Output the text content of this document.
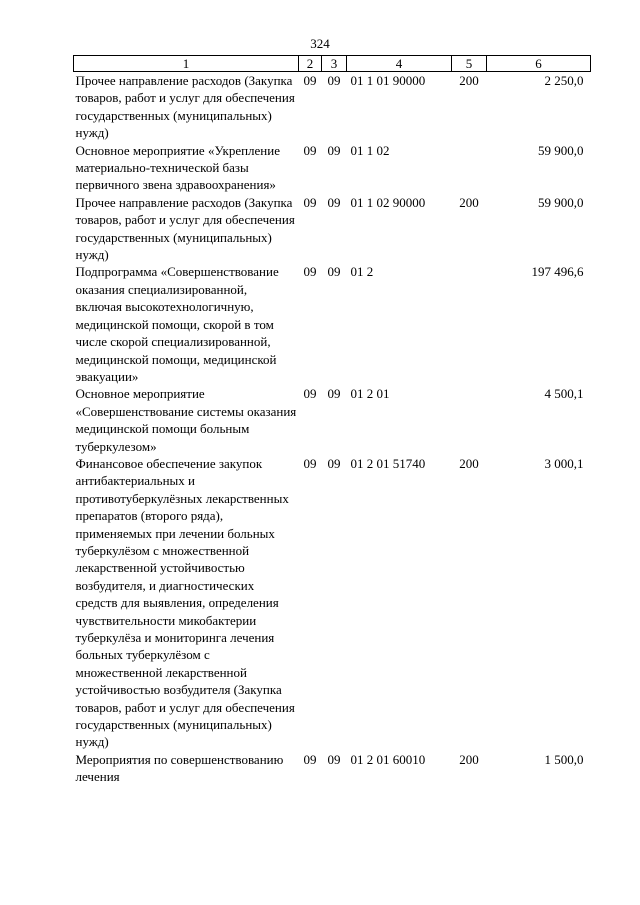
324
1	2	3	4	5	6
Прочее направление расходов (Закупка товаров, работ и услуг для обеспечения государственных (муниципальных) нужд)	09	09	01 1 01 90000	200	2 250,0
Основное мероприятие «Укрепление материально-технической базы первичного звена здравоохранения»	09	09	01 1 02		59 900,0
Прочее направление расходов (Закупка товаров, работ и услуг для обеспечения государственных (муниципальных) нужд)	09	09	01 1 02 90000	200	59 900,0
Подпрограмма «Совершенствование оказания специализированной, включая высокотехнологичную, медицинской помощи, скорой в том числе скорой специализированной, медицинской помощи, медицинской эвакуации»	09	09	01 2		197 496,6
Основное мероприятие «Совершенствование системы оказания медицинской помощи больным туберкулезом»	09	09	01 2 01		4 500,1
Финансовое обеспечение закупок антибактериальных и противотуберкулёзных лекарственных препаратов (второго ряда), применяемых при лечении больных туберкулёзом с множественной лекарственной устойчивостью возбудителя, и диагностических средств для выявления, определения чувствительности микобактерии туберкулёза и мониторинга лечения больных туберкулёзом с множественной лекарственной устойчивостью возбудителя (Закупка товаров, работ и услуг для обеспечения государственных (муниципальных) нужд)	09	09	01 2 01 51740	200	3 000,1
Мероприятия по совершенствованию лечения	09	09	01 2 01 60010	200	1 500,0
